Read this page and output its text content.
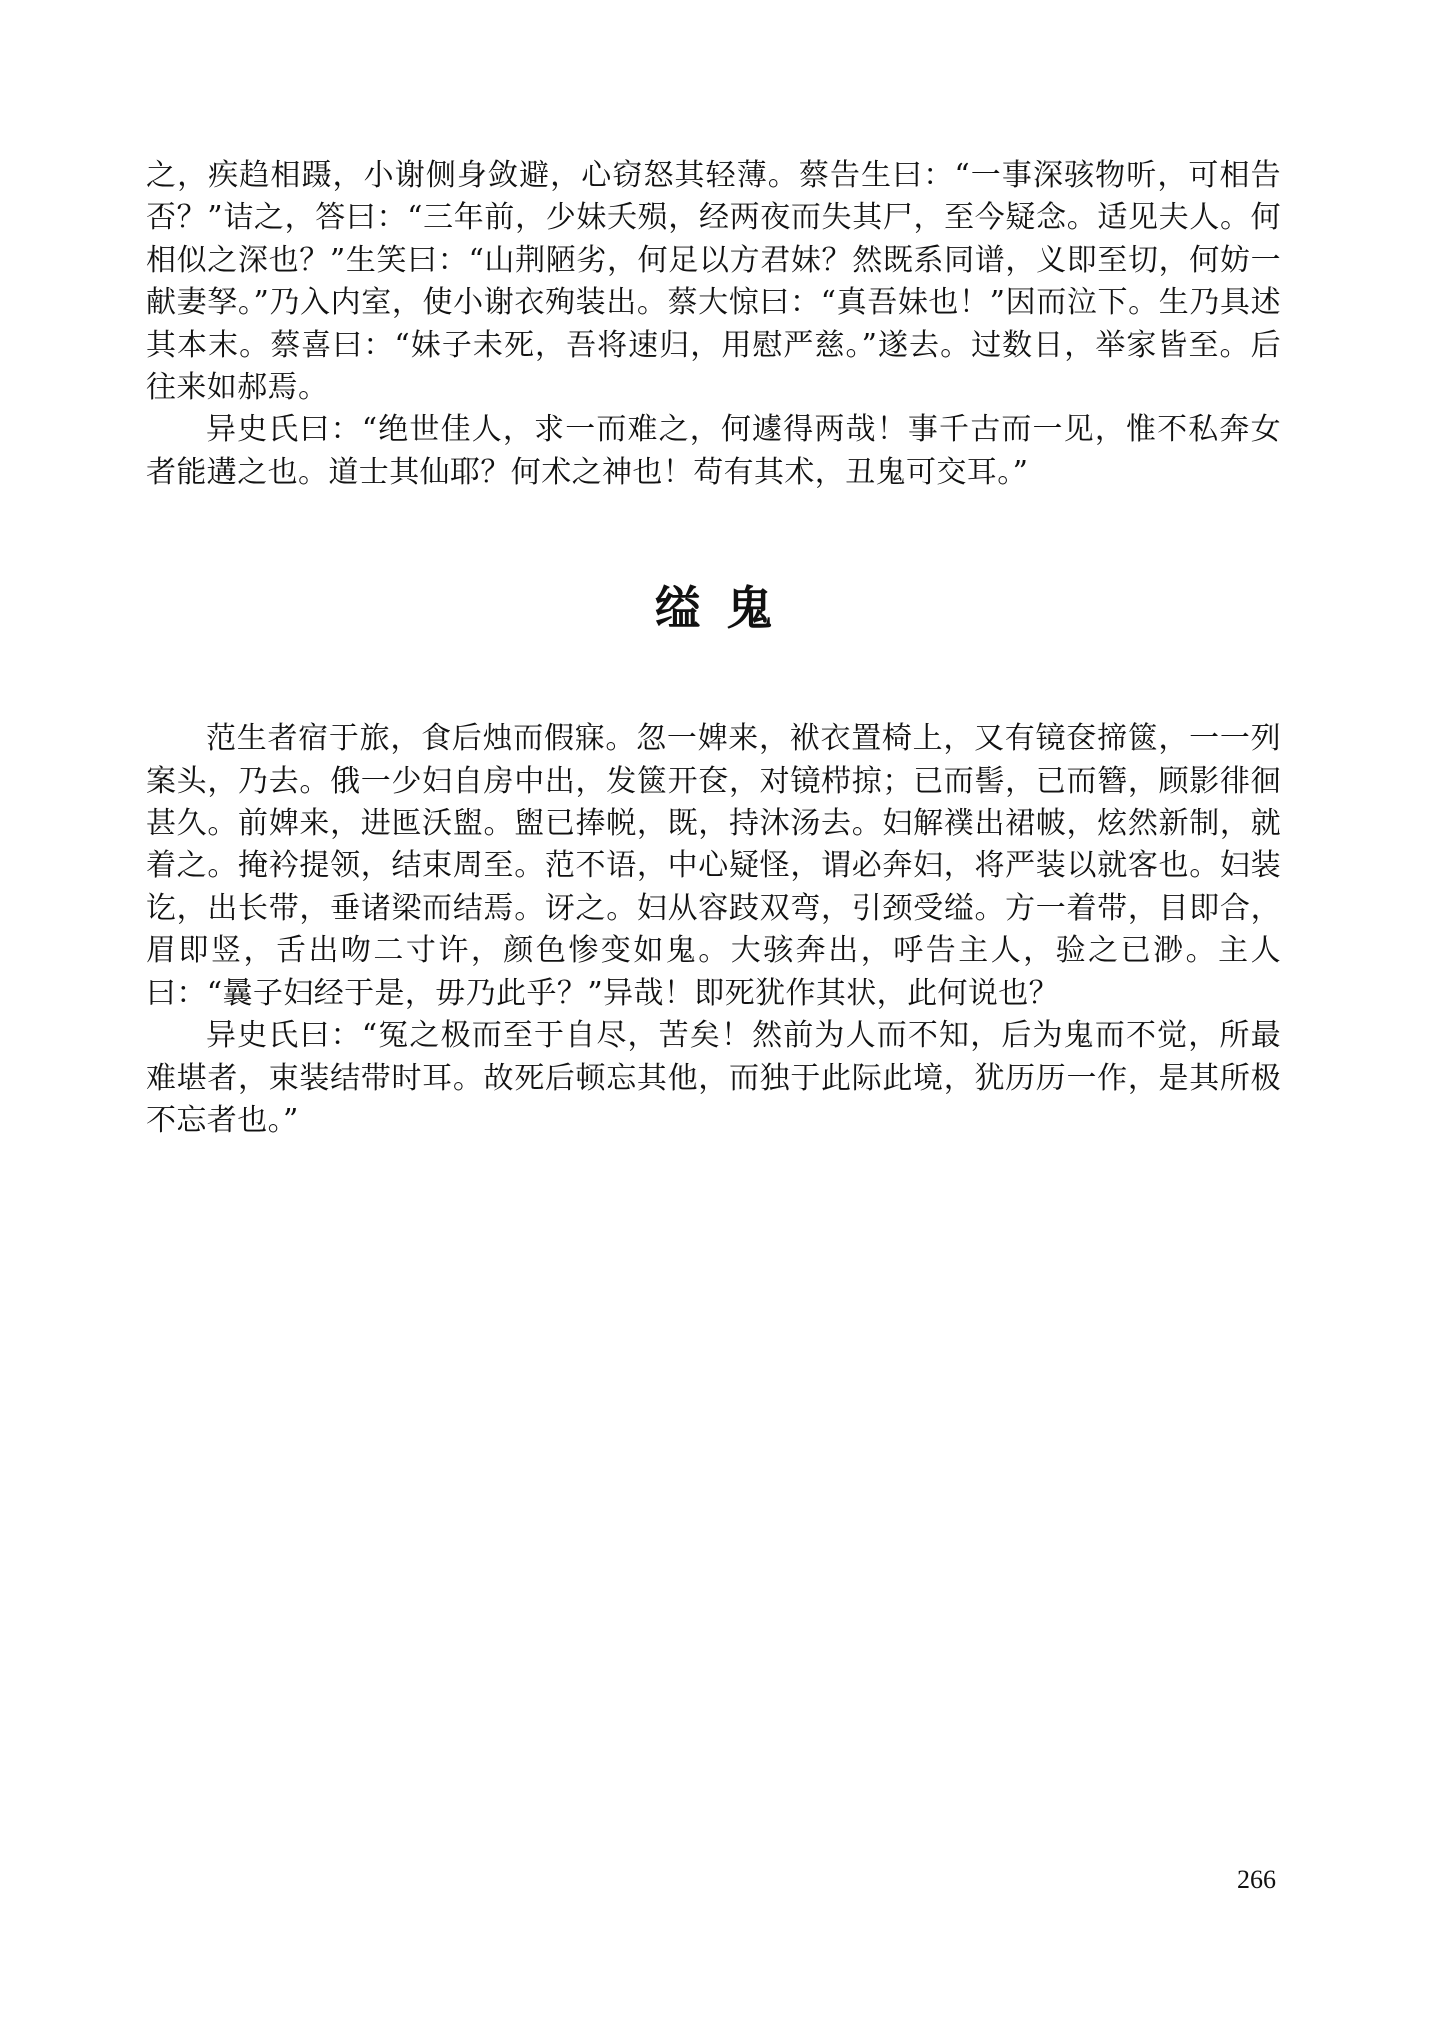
之，疾趋相蹑，小谢侧身敛避，心窃怒其轻薄。蔡告生曰：“一事深骇物听，可相告否？”诘之，答曰：“三年前，少妹夭殒，经两夜而失其尸，至今疑念。适见夫人。何相似之深也？”生笑曰：“山荆陋劣，何足以方君妹？然既系同谱，义即至切，何妨一献妻孥。”乃入内室，使小谢衣殉装出。蔡大惊曰：“真吾妹也！”因而泣下。生乃具述其本末。蔡喜曰：“妹子未死，吾将速归，用慰严慈。”遂去。过数日，举家皆至。后往来如郝焉。

异史氏曰：“绝世佳人，求一而难之，何遽得两哉！事千古而一见，惟不私奔女者能遘之也。道士其仙耶？何术之神也！苟有其术，丑鬼可交耳。”

缢鬼

范生者宿于旅，食后烛而假寐。忽一婢来，袱衣置椅上，又有镜奁揥篋，一一列案头，乃去。俄一少妇自房中出，发篋开奁，对镜栉掠；已而髻，已而簪，顾影徘徊甚久。前婢来，进匜沃盥。盥已捧帨，既，持沐汤去。妇解襆出裙帔，炫然新制，就着之。掩衿提领，结束周至。范不语，中心疑怪，谓必奔妇，将严装以就客也。妇装讫，出长带，垂诸梁而结焉。讶之。妇从容跂双弯，引颈受缢。方一着带，目即合，眉即竖，舌出吻二寸许，颜色惨变如鬼。大骇奔出，呼告主人，验之已渺。主人曰：“曩子妇经于是，毋乃此乎？”异哉！即死犹作其状，此何说也？

异史氏曰：“冤之极而至于自尽，苦矣！然前为人而不知，后为鬼而不觉，所最难堪者，束装结带时耳。故死后顿忘其他，而独于此际此境，犹历历一作，是其所极不忘者也。”

266
